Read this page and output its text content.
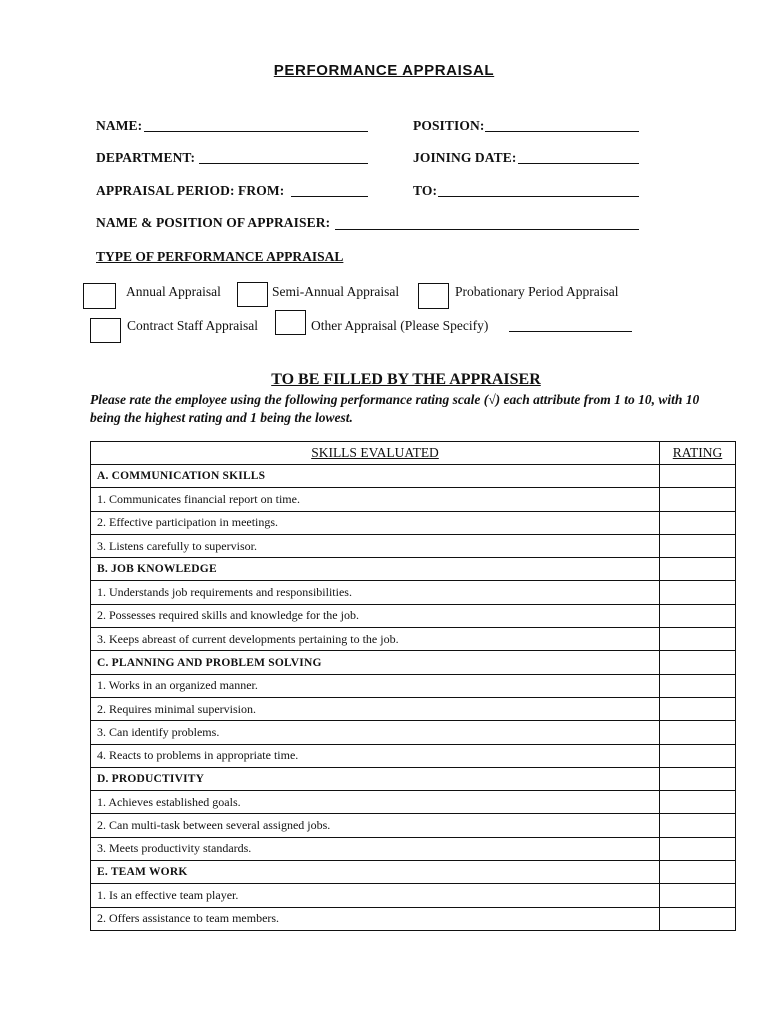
PERFORMANCE APPRAISAL
NAME:	POSITION:
DEPARTMENT:	JOINING DATE:
APPRAISAL PERIOD: FROM:	TO:
NAME & POSITION OF APPRAISER:
TYPE OF PERFORMANCE APPRAISAL
Annual Appraisal	Semi-Annual Appraisal	Probationary Period Appraisal
Contract Staff Appraisal	Other Appraisal (Please Specify)
TO BE FILLED BY THE APPRAISER
Please rate the employee using the following performance rating scale (√) each attribute from 1 to 10, with 10 being the highest rating and 1 being the lowest.
SKILLS EVALUATED	RATING
A. COMMUNICATION SKILLS	
1. Communicates financial report on time.	
2. Effective participation in meetings.	
3. Listens carefully to supervisor.	
B. JOB KNOWLEDGE	
1. Understands job requirements and responsibilities.	
2. Possesses required skills and knowledge for the job.	
3. Keeps abreast of current developments pertaining to the job.	
C. PLANNING AND PROBLEM SOLVING	
1. Works in an organized manner.	
2. Requires minimal supervision.	
3. Can identify problems.	
4. Reacts to problems in appropriate time.	
D. PRODUCTIVITY	
1. Achieves established goals.	
2. Can multi-task between several assigned jobs.	
3. Meets productivity standards.	
E. TEAM WORK	
1. Is an effective team player.	
2. Offers assistance to team members.	
